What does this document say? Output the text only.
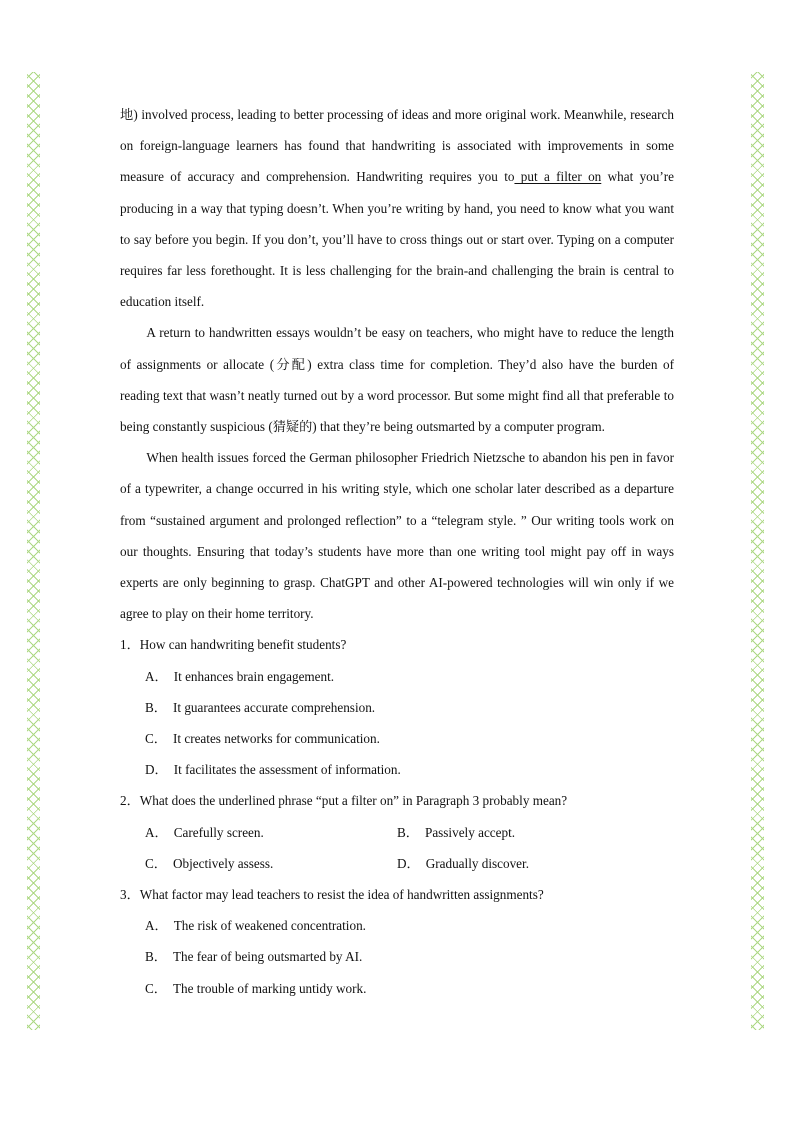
地) involved process, leading to better processing of ideas and more original work. Meanwhile, research on foreign-language learners has found that handwriting is associated with improvements in some measure of accuracy and comprehension. Handwriting requires you to put a filter on what you’re producing in a way that typing doesn’t. When you’re writing by hand, you need to know what you want to say before you begin. If you don’t, you’ll have to cross things out or start over. Typing on a computer requires far less forethought. It is less challenging for the brain-and challenging the brain is central to education itself.

A return to handwritten essays wouldn’t be easy on teachers, who might have to reduce the length of assignments or allocate (分配) extra class time for completion. They’d also have the burden of reading text that wasn’t neatly turned out by a word processor. But some might find all that preferable to being constantly suspicious (猜疑的) that they’re being outsmarted by a computer program.

When health issues forced the German philosopher Friedrich Nietzsche to abandon his pen in favor of a typewriter, a change occurred in his writing style, which one scholar later described as a departure from “sustained argument and prolonged reflection” to a “telegram style. ” Our writing tools work on our thoughts. Ensuring that today’s students have more than one writing tool might pay off in ways experts are only beginning to grasp. ChatGPT and other AI-powered technologies will win only if we agree to play on their home territory.

1．How can handwriting benefit students?
A． It enhances brain engagement.
B． It guarantees accurate comprehension.
C． It creates networks for communication.
D． It facilitates the assessment of information.
2．What does the underlined phrase “put a filter on” in Paragraph 3 probably mean?
A． Carefully screen.	B． Passively accept.
C． Objectively assess.	D． Gradually discover.
3．What factor may lead teachers to resist the idea of handwritten assignments?
A． The risk of weakened concentration.
B． The fear of being outsmarted by AI.
C． The trouble of marking untidy work.
